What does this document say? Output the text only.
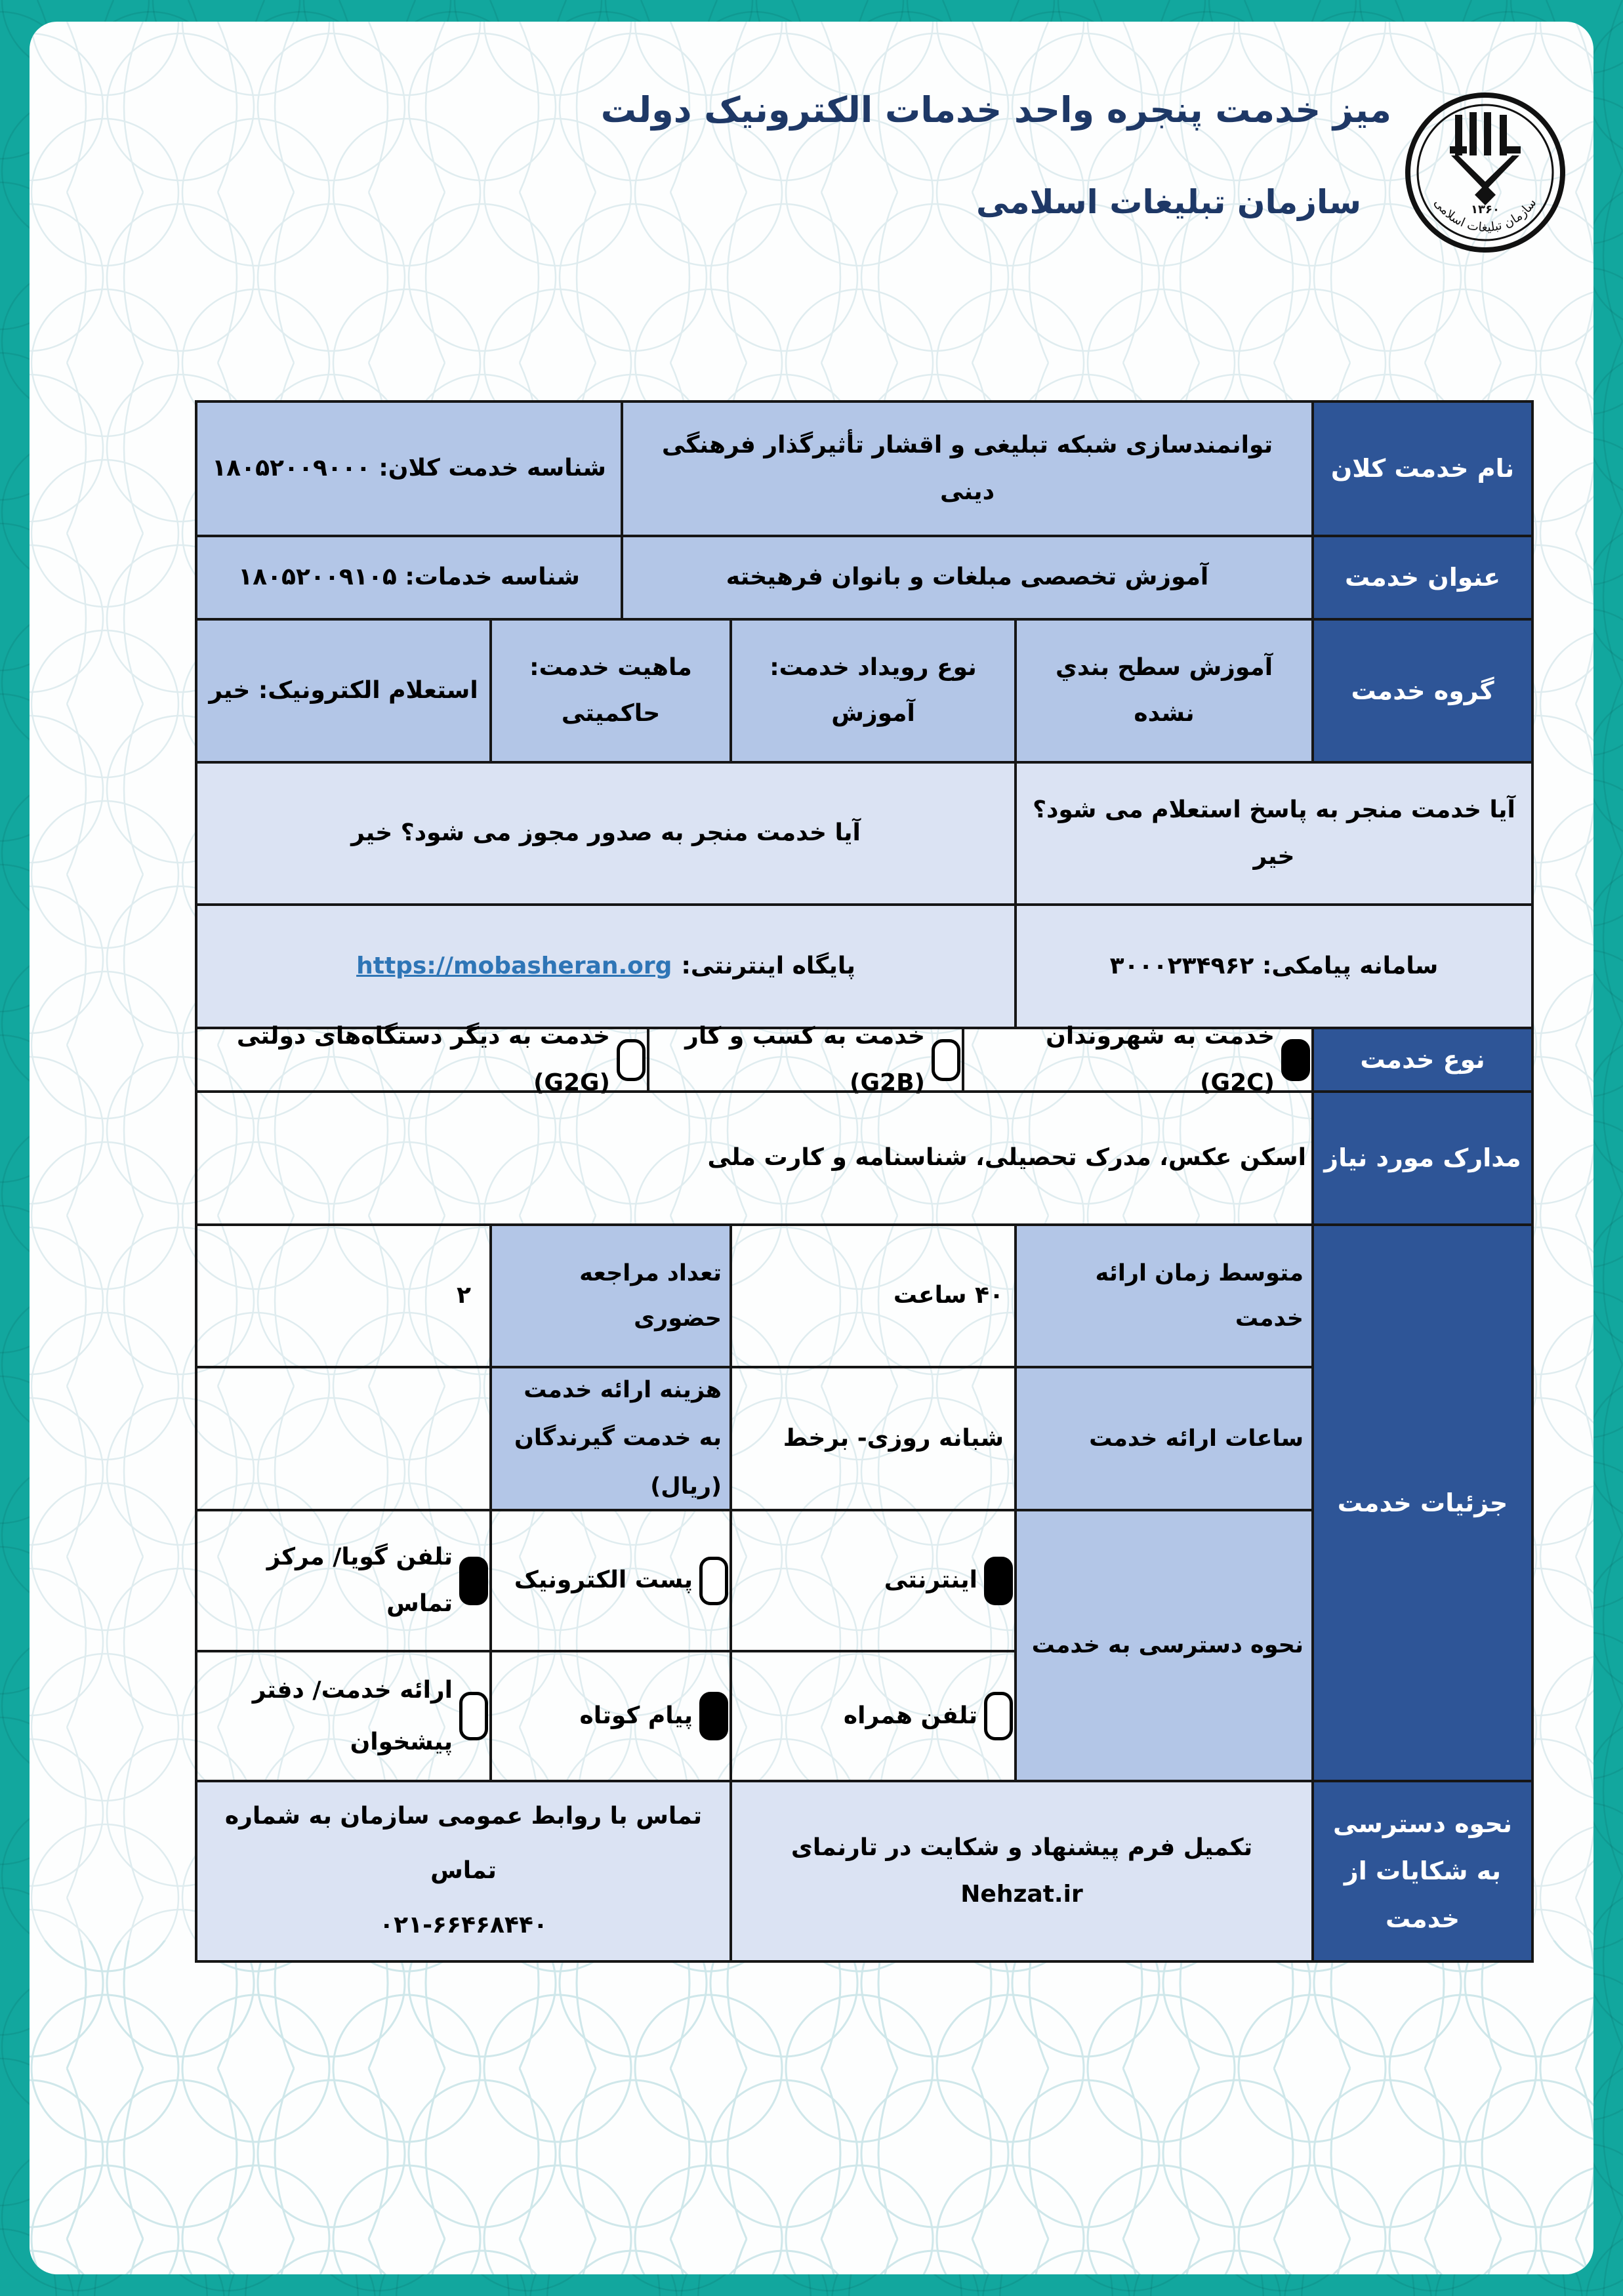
میز خدمت پنجره واحد خدمات الکترونیک دولت
سازمان تبلیغات اسلامی	۱۳۶۰
سازمان تبلیغات اسلامی
نام خدمت کلان
توانمندسازی شبکه تبلیغی و اقشار تأثیرگذار فرهنگی دینی
شناسه خدمت کلان: ۱۸۰۵۲۰۰۹۰۰۰
عنوان خدمت
آموزش تخصصی مبلغات و بانوان فرهیخته
شناسه خدمات: ۱۸۰۵۲۰۰۹۱۰۵
گروه خدمت
آموزش سطح بندي نشده
نوع رویداد خدمت: آموزش
ماهیت خدمت: حاکمیتی
استعلام الکترونیک: خیر
آیا خدمت منجر به پاسخ استعلام می شود؟ خیر
آیا خدمت منجر به صدور مجوز می شود؟ خیر
سامانه پیامکی: ۳۰۰۰۲۳۴۹۶۲
پایگاه اینترنتی:
https://mobasheran.org
نوع خدمت
خدمت به شهروندان (G2C)
خدمت به کسب و کار (G2B)
خدمت به دیگر دستگاه‌های دولتی (G2G)
مدارک مورد نیاز
اسکن عکس، مدرک تحصیلی، شناسنامه و کارت ملی
جزئیات خدمت
متوسط زمان ارائه خدمت
۴۰ ساعت
تعداد مراجعه حضوری
۲
ساعات ارائه خدمت
شبانه روزی- برخط
هزینه ارائه خدمت به خدمت گیرندگان (ریال)
نحوه دسترسی به خدمت
اینترنتی
پست الکترونیک
تلفن گویا/ مرکز تماس
تلفن همراه
پیام کوتاه
ارائه خدمت/ دفتر پیشخوان
نحوه دسترسی به شکایات از خدمت
تکمیل فرم پیشنهاد و شکایت در تارنمای Nehzat.ir
تماس با روابط عمومی سازمان به شماره تماس
۰۲۱-۶۶۴۶۸۴۴۰
